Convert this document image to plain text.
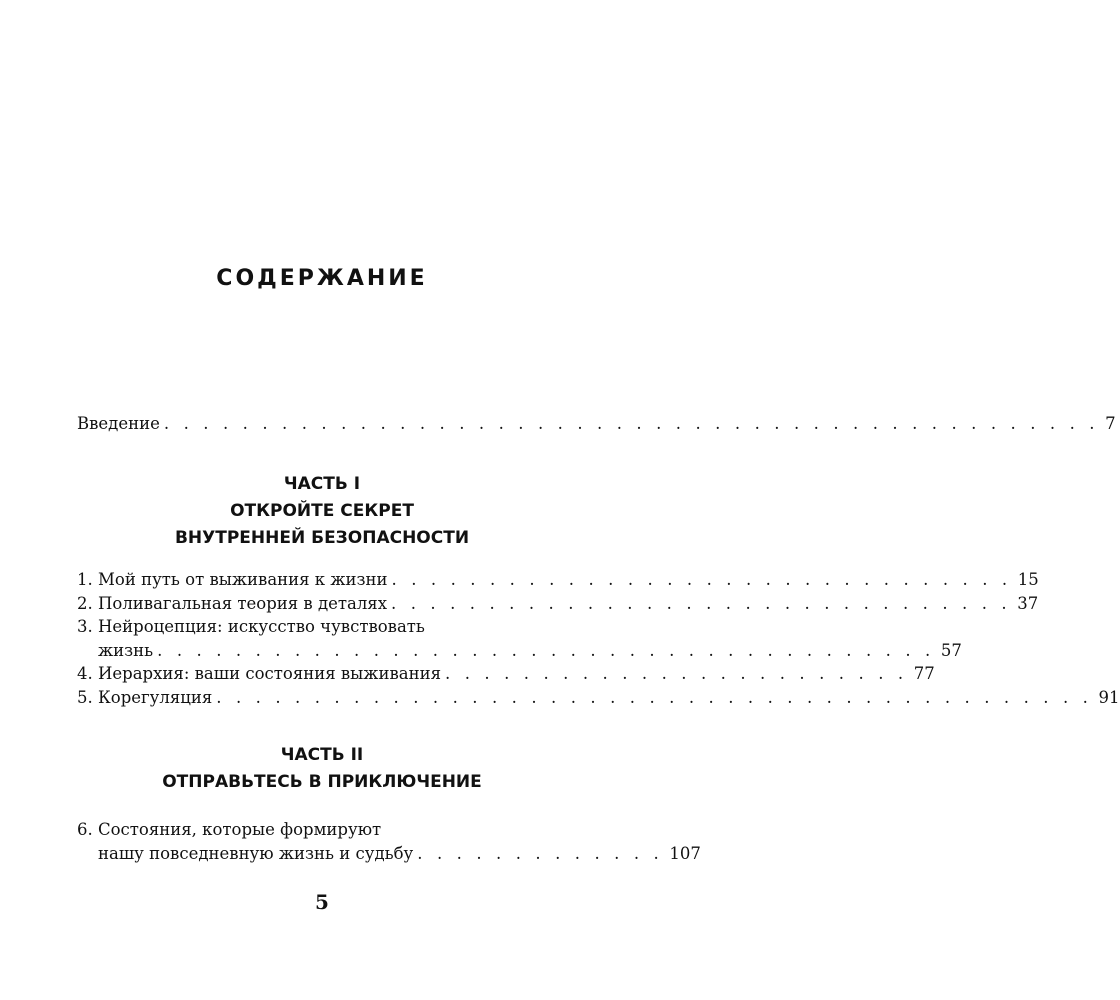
СОДЕРЖАНИЕ
Введение . . . . . . . . . . . . . . . . . . . . . . . . . . . . . . . . . . . . . . . . . . . . . . . . 7
ЧАСТЬ I
ОТКРОЙТЕ СЕКРЕТ
ВНУТРЕННЕЙ БЕЗОПАСНОСТИ
1. Мой путь от выживания к жизни . . . . . . . . . . . . . . . . . . . . . . . . . . . . . . . . 15
2. Поливагальная теория в деталях . . . . . . . . . . . . . . . . . . . . . . . . . . . . . . . . 37
3. Нейроцепция: искусство чувствовать
жизнь . . . . . . . . . . . . . . . . . . . . . . . . . . . . . . . . . . . . . . . . 57
4. Иерархия: ваши состояния выживания . . . . . . . . . . . . . . . . . . . . . . . . 77
5. Корегуляция . . . . . . . . . . . . . . . . . . . . . . . . . . . . . . . . . . . . . . . . . . . . . 91
ЧАСТЬ II
ОТПРАВЬТЕСЬ В ПРИКЛЮЧЕНИЕ
6. Состояния, которые формируют
нашу повседневную жизнь и судьбу . . . . . . . . . . . . . 107
5
